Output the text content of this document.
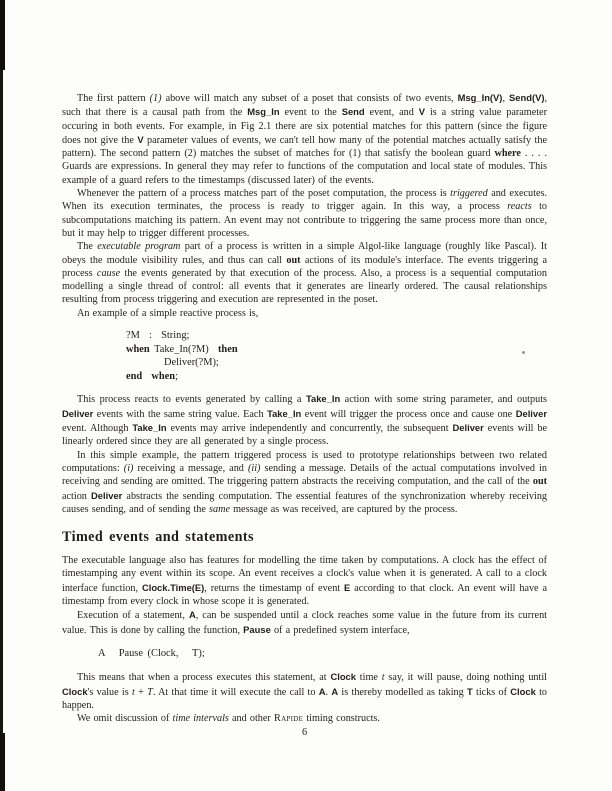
The first pattern (1) above will match any subset of a poset that consists of two events, Msg_In(V), Send(V), such that there is a causal path from the Msg_In event to the Send event, and V is a string value parameter occuring in both events. For example, in Fig 2.1 there are six potential matches for this pattern (since the figure does not give the V parameter values of events, we can't tell how many of the potential matches actually satisfy the pattern). The second pattern (2) matches the subset of matches for (1) that satisfy the boolean guard where . . . . Guards are expressions. In general they may refer to functions of the computation and local state of modules. This example of a guard refers to the timestamps (discussed later) of the events.

Whenever the pattern of a process matches part of the poset computation, the process is triggered and executes. When its execution terminates, the process is ready to trigger again. In this way, a process reacts to subcomputations matching its pattern. An event may not contribute to triggering the same process more than once, but it may help to trigger different processes.

The executable program part of a process is written in a simple Algol-like language (roughly like Pascal). It obeys the module visibility rules, and thus can call out actions of its module's interface. The events triggering a process cause the events generated by that execution of the process. Also, a process is a sequential computation modelling a single thread of control: all events that it generates are linearly ordered. The causal relationships resulting from process triggering and execution are represented in the poset.

An example of a simple reactive process is,

?M  :  String;
when Take_In(?M)  then
Deliver(?M);
end when;

This process reacts to events generated by calling a Take_In action with some string parameter, and outputs Deliver events with the same string value. Each Take_In event will trigger the process once and cause one Deliver event. Although Take_In events may arrive independently and concurrently, the subsequent Deliver events will be linearly ordered since they are all generated by a single process.

In this simple example, the pattern triggered process is used to prototype relationships between two related computations: (i) receiving a message, and (ii) sending a message. Details of the actual computations involved in receiving and sending are omitted. The triggering pattern abstracts the receiving computation, and the call of the out action Deliver abstracts the sending computation. The essential features of the synchronization whereby receiving causes sending, and of sending the same message as was received, are captured by the process.

Timed events and statements

The executable language also has features for modelling the time taken by computations. A clock has the effect of timestamping any event within its scope. An event receives a clock's value when it is generated. A call to a clock interface function, Clock.Time(E), returns the timestamp of event E according to that clock. An event will have a timestamp from every clock in whose scope it is generated.

Execution of a statement, A, can be suspended until a clock reaches some value in the future from its current value. This is done by calling the function, Pause of a predefined system interface,

A   Pause (Clock,   T);

This means that when a process executes this statement, at Clock time t say, it will pause, doing nothing until Clock's value is t + T. At that time it will execute the call to A. A is thereby modelled as taking T ticks of Clock to happen.

We omit discussion of time intervals and other Rapide timing constructs.

6
